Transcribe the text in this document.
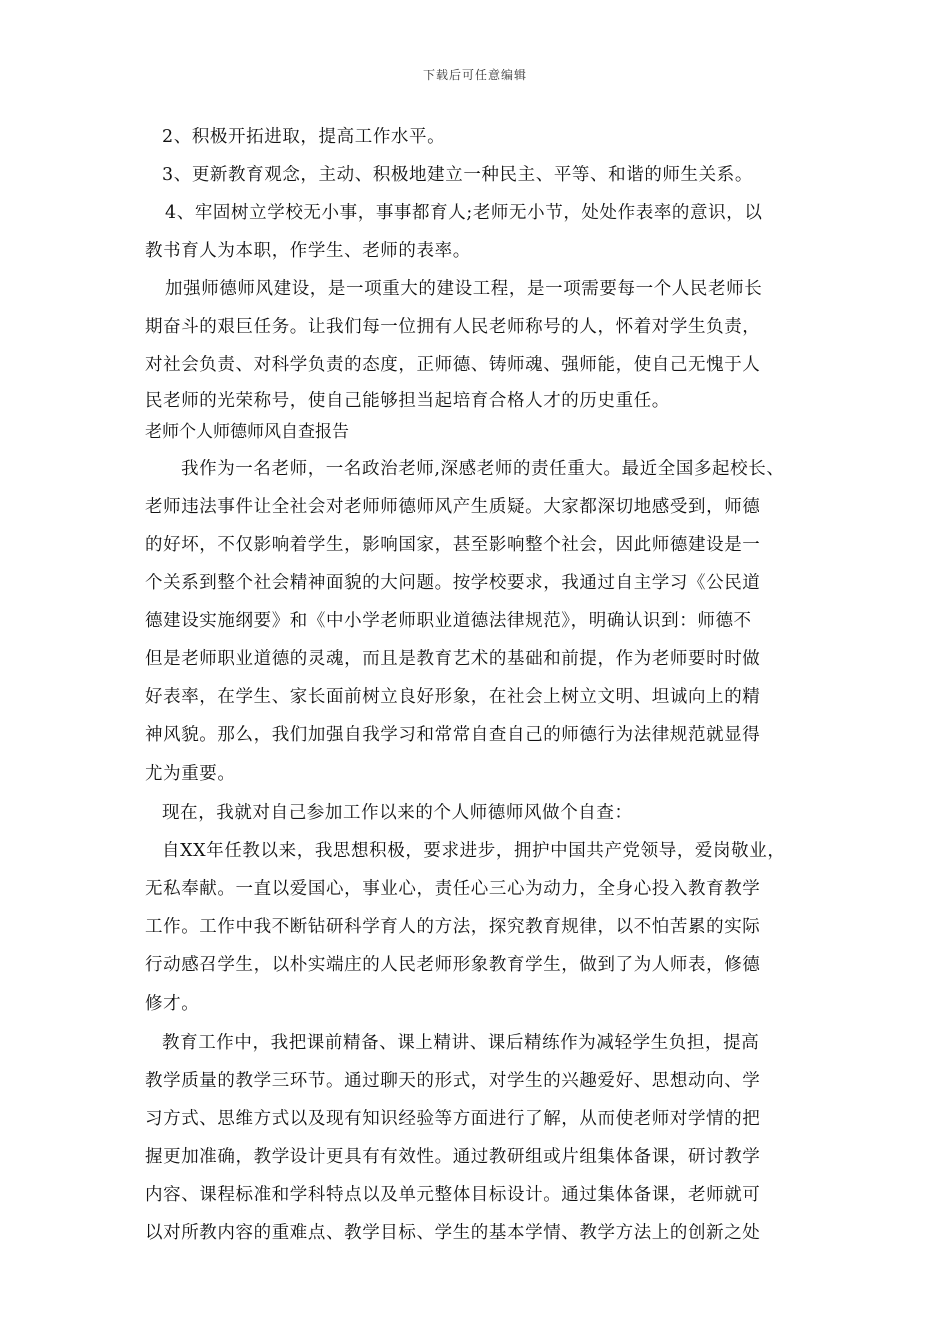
下载后可任意编辑
2、积极开拓进取，提高工作水平。
3、更新教育观念，主动、积极地建立一种民主、平等、和谐的师生关系。
4、牢固树立学校无小事，事事都育人;老师无小节，处处作表率的意识，以
教书育人为本职，作学生、老师的表率。
加强师德师风建设，是一项重大的建设工程，是一项需要每一个人民老师长
期奋斗的艰巨任务。让我们每一位拥有人民老师称号的人，怀着对学生负责，
对社会负责、对科学负责的态度，正师德、铸师魂、强师能，使自己无愧于人
民老师的光荣称号，使自己能够担当起培育合格人才的历史重任。
老师个人师德师风自查报告
我作为一名老师，一名政治老师,深感老师的责任重大。最近全国多起校长、
老师违法事件让全社会对老师师德师风产生质疑。大家都深切地感受到，师德
的好坏，不仅影响着学生，影响国家，甚至影响整个社会，因此师德建设是一
个关系到整个社会精神面貌的大问题。按学校要求，我通过自主学习《公民道
德建设实施纲要》和《中小学老师职业道德法律规范》，明确认识到：师德不
但是老师职业道德的灵魂，而且是教育艺术的基础和前提，作为老师要时时做
好表率，在学生、家长面前树立良好形象，在社会上树立文明、坦诚向上的精
神风貌。那么，我们加强自我学习和常常自查自己的师德行为法律规范就显得
尤为重要。
现在，我就对自己参加工作以来的个人师德师风做个自查：
自XX年任教以来，我思想积极，要求进步，拥护中国共产党领导，爱岗敬业，
无私奉献。一直以爱国心，事业心，责任心三心为动力，全身心投入教育教学
工作。工作中我不断钻研科学育人的方法，探究教育规律，以不怕苦累的实际
行动感召学生，以朴实端庄的人民老师形象教育学生，做到了为人师表，修德
修才。
教育工作中，我把课前精备、课上精讲、课后精练作为减轻学生负担，提高
教学质量的教学三环节。通过聊天的形式，对学生的兴趣爱好、思想动向、学
习方式、思维方式以及现有知识经验等方面进行了解，从而使老师对学情的把
握更加准确，教学设计更具有有效性。通过教研组或片组集体备课，研讨教学
内容、课程标准和学科特点以及单元整体目标设计。通过集体备课，老师就可
以对所教内容的重难点、教学目标、学生的基本学情、教学方法上的创新之处
